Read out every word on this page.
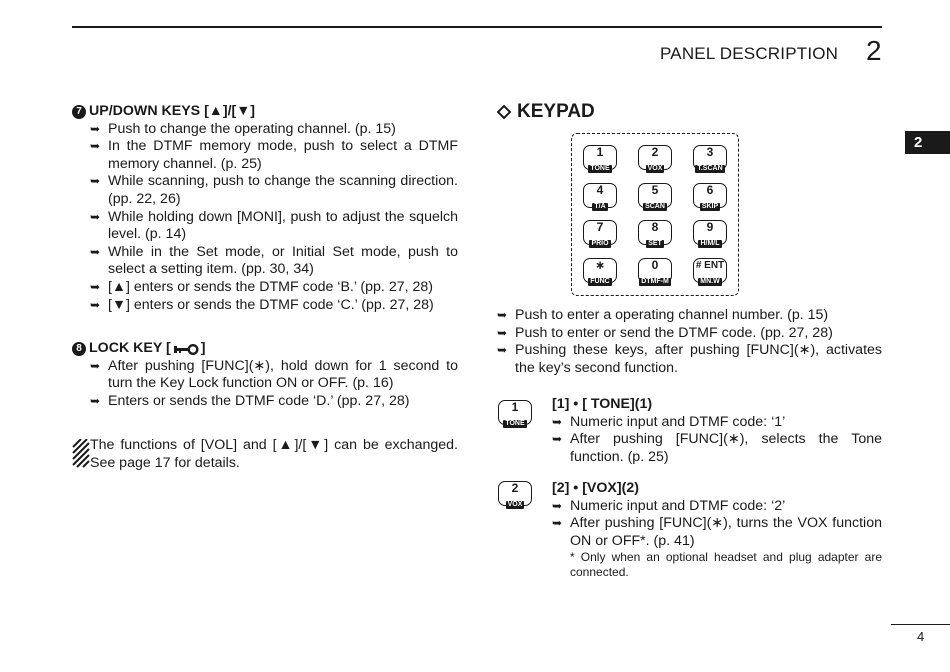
PANEL DESCRIPTION 2
2
7 UP/DOWN KEYS [▲]/[▼]
➥ Push to change the operating channel. (p. 15)
➥ In the DTMF memory mode, push to select a DTMF memory channel. (p. 25)
➥ While scanning, push to change the scanning direction. (pp. 22, 26)
➥ While holding down [MONI], push to adjust the squelch level. (p. 14)
➥ While in the Set mode, or Initial Set mode, push to select a setting item. (pp. 30, 34)
➥ [▲] enters or sends the DTMF code ‘B.’ (pp. 27, 28)
➥ [▼] enters or sends the DTMF code ‘C.’ (pp. 27, 28)
8 LOCK KEY [ ]
➥ After pushing [FUNC](∗), hold down for 1 second to turn the Key Lock function ON or OFF. (p. 16)
➥ Enters or sends the DTMF code ‘D.’ (pp. 27, 28)
The functions of [VOL] and [▲]/[▼] can be exchanged. See page 17 for details.
KEYPAD
1
TONE
2
VOX
3
T.SCAN
4
T/A
5
SCAN
6
SKIP
7
PRIO
8
SET
9
H/M/L
∗
FUNC
0
DTMF-M
# ENT
MN.W
➥ Push to enter a operating channel number. (p. 15)
➥ Push to enter or send the DTMF code. (pp. 27, 28)
➥ Pushing these keys, after pushing [FUNC](∗), activates the key’s second function.
1
TONE
[1] • [ TONE](1)
➥ Numeric input and DTMF code: ‘1’
➥ After pushing [FUNC](∗), selects the Tone function. (p. 25)
2
VOX
[2] • [VOX](2)
➥ Numeric input and DTMF code: ‘2’
➥ After pushing [FUNC](∗), turns the VOX function ON or OFF*. (p. 41)
* Only when an optional headset and plug adapter are connected.
4
